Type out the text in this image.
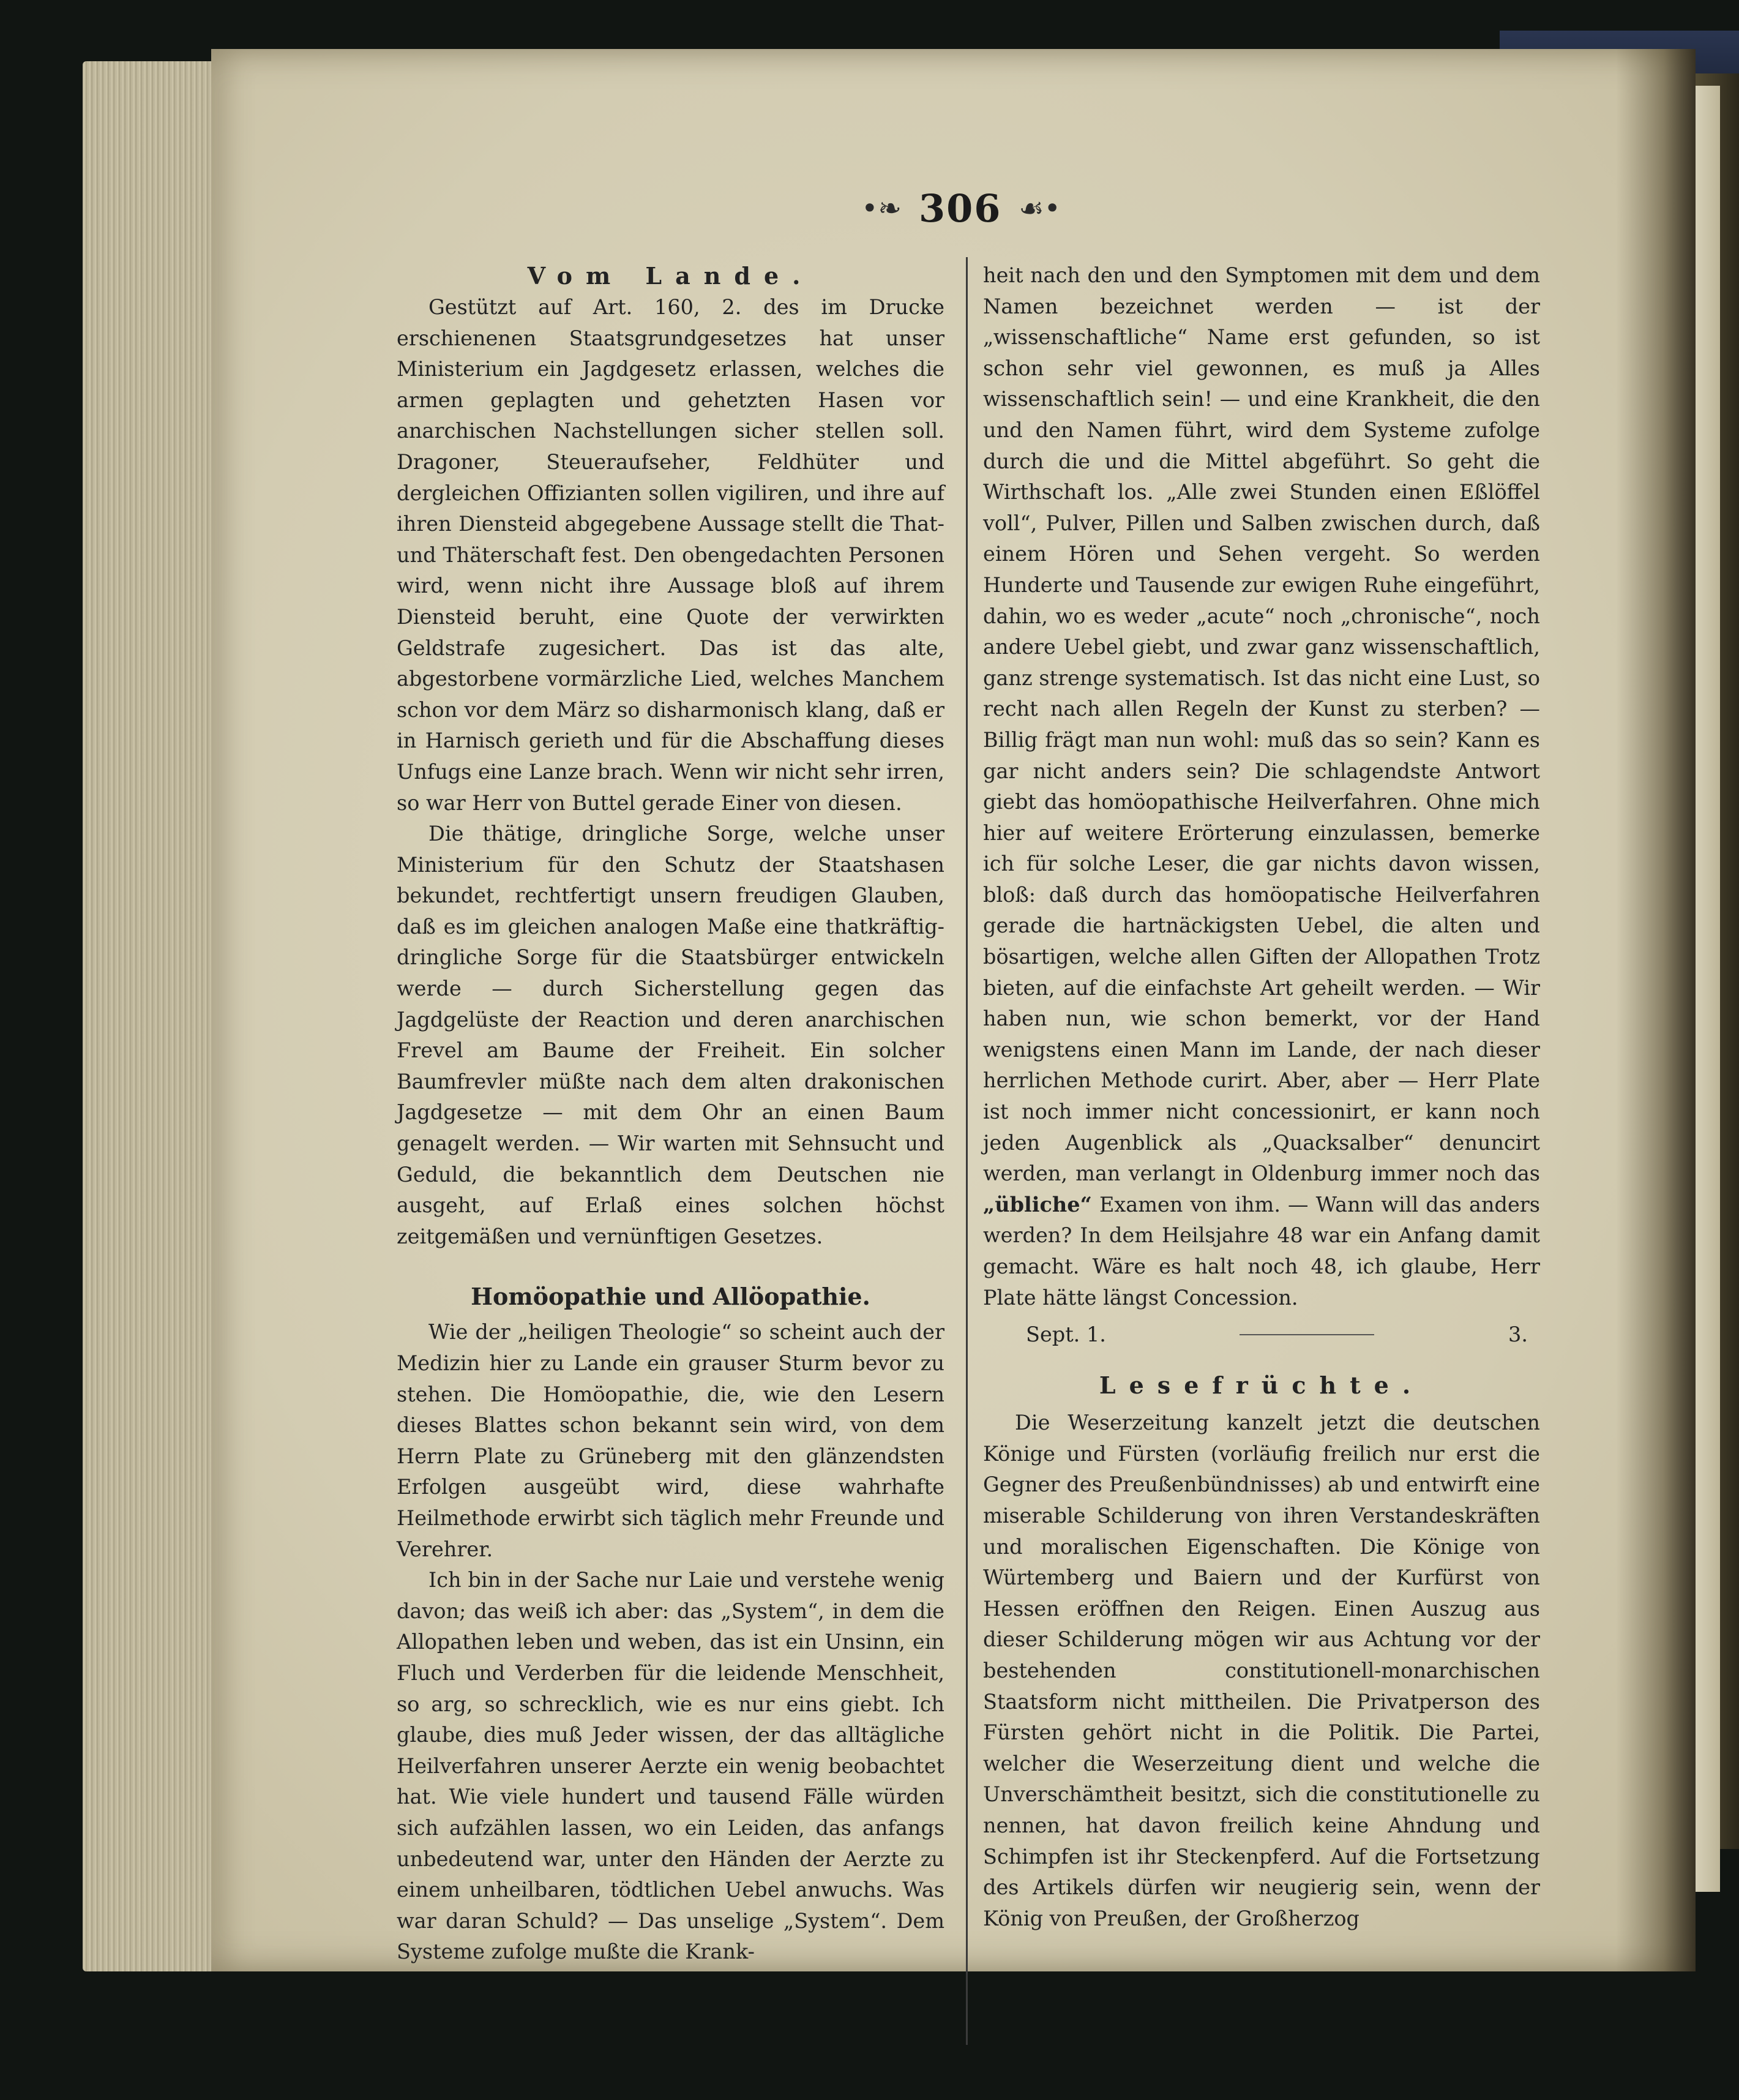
•❧ 306 ☙•
Vom Lande.

Gestützt auf Art. 160, 2. des im Drucke erschienenen Staatsgrundgesetzes hat unser Ministerium ein Jagdgesetz erlassen, welches die armen geplagten und gehetzten Hasen vor anarchischen Nachstellungen sicher stellen soll. Dragoner, Steueraufseher, Feldhüter und dergleichen Offizianten sollen vigiliren, und ihre auf ihren Diensteid abgegebene Aussage stellt die That- und Thäterschaft fest. Den obengedachten Personen wird, wenn nicht ihre Aussage bloß auf ihrem Diensteid beruht, eine Quote der verwirkten Geldstrafe zugesichert. Das ist das alte, abgestorbene vormärzliche Lied, welches Manchem schon vor dem März so disharmonisch klang, daß er in Harnisch gerieth und für die Abschaffung dieses Unfugs eine Lanze brach. Wenn wir nicht sehr irren, so war Herr von Buttel gerade Einer von diesen.

Die thätige, dringliche Sorge, welche unser Ministerium für den Schutz der Staatshasen bekundet, rechtfertigt unsern freudigen Glauben, daß es im gleichen analogen Maße eine thatkräftig-dringliche Sorge für die Staatsbürger entwickeln werde — durch Sicherstellung gegen das Jagdgelüste der Reaction und deren anarchischen Frevel am Baume der Freiheit. Ein solcher Baumfrevler müßte nach dem alten drakonischen Jagdgesetze — mit dem Ohr an einen Baum genagelt werden. — Wir warten mit Sehnsucht und Geduld, die bekanntlich dem Deutschen nie ausgeht, auf Erlaß eines solchen höchst zeitgemäßen und vernünftigen Gesetzes.

Homöopathie und Allöopathie.

Wie der „heiligen Theologie“ so scheint auch der Medizin hier zu Lande ein grauser Sturm bevor zu stehen. Die Homöopathie, die, wie den Lesern dieses Blattes schon bekannt sein wird, von dem Herrn Plate zu Grüneberg mit den glänzendsten Erfolgen ausgeübt wird, diese wahrhafte Heilmethode erwirbt sich täglich mehr Freunde und Verehrer.

Ich bin in der Sache nur Laie und verstehe wenig davon; das weiß ich aber: das „System“, in dem die Allopathen leben und weben, das ist ein Unsinn, ein Fluch und Verderben für die leidende Menschheit, so arg, so schrecklich, wie es nur eins giebt. Ich glaube, dies muß Jeder wissen, der das alltägliche Heilverfahren unserer Aerzte ein wenig beobachtet hat. Wie viele hundert und tausend Fälle würden sich aufzählen lassen, wo ein Leiden, das anfangs unbedeutend war, unter den Händen der Aerzte zu einem unheilbaren, tödtlichen Uebel anwuchs. Was war daran Schuld? — Das unselige „System“. Dem Systeme zufolge mußte die Krank-

heit nach den und den Symptomen mit dem und dem Namen bezeichnet werden — ist der „wissenschaftliche“ Name erst gefunden, so ist schon sehr viel gewonnen, es muß ja Alles wissenschaftlich sein! — und eine Krankheit, die den und den Namen führt, wird dem Systeme zufolge durch die und die Mittel abgeführt. So geht die Wirthschaft los. „Alle zwei Stunden einen Eßlöffel voll“, Pulver, Pillen und Salben zwischen durch, daß einem Hören und Sehen vergeht. So werden Hunderte und Tausende zur ewigen Ruhe eingeführt, dahin, wo es weder „acute“ noch „chronische“, noch andere Uebel giebt, und zwar ganz wissenschaftlich, ganz strenge systematisch. Ist das nicht eine Lust, so recht nach allen Regeln der Kunst zu sterben? — Billig frägt man nun wohl: muß das so sein? Kann es gar nicht anders sein? Die schlagendste Antwort giebt das homöopathische Heilverfahren. Ohne mich hier auf weitere Erörterung einzulassen, bemerke ich für solche Leser, die gar nichts davon wissen, bloß: daß durch das homöopatische Heilverfahren gerade die hartnäckigsten Uebel, die alten und bösartigen, welche allen Giften der Allopathen Trotz bieten, auf die einfachste Art geheilt werden. — Wir haben nun, wie schon bemerkt, vor der Hand wenigstens einen Mann im Lande, der nach dieser herrlichen Methode curirt. Aber, aber — Herr Plate ist noch immer nicht concessionirt, er kann noch jeden Augenblick als „Quacksalber“ denuncirt werden, man verlangt in Oldenburg immer noch das „übliche“ Examen von ihm. — Wann will das anders werden? In dem Heilsjahre 48 war ein Anfang damit gemacht. Wäre es halt noch 48, ich glaube, Herr Plate hätte längst Concession.

Sept. 1.	3.
Lesefrüchte.

Die Weserzeitung kanzelt jetzt die deutschen Könige und Fürsten (vorläufig freilich nur erst die Gegner des Preußenbündnisses) ab und entwirft eine miserable Schilderung von ihren Verstandeskräften und moralischen Eigenschaften. Die Könige von Würtemberg und Baiern und der Kurfürst von Hessen eröffnen den Reigen. Einen Auszug aus dieser Schilderung mögen wir aus Achtung vor der bestehenden constitutionell-monarchischen Staatsform nicht mittheilen. Die Privatperson des Fürsten gehört nicht in die Politik. Die Partei, welcher die Weserzeitung dient und welche die Unverschämtheit besitzt, sich die constitutionelle zu nennen, hat davon freilich keine Ahndung und Schimpfen ist ihr Steckenpferd. Auf die Fortsetzung des Artikels dürfen wir neugierig sein, wenn der König von Preußen, der Großherzog
